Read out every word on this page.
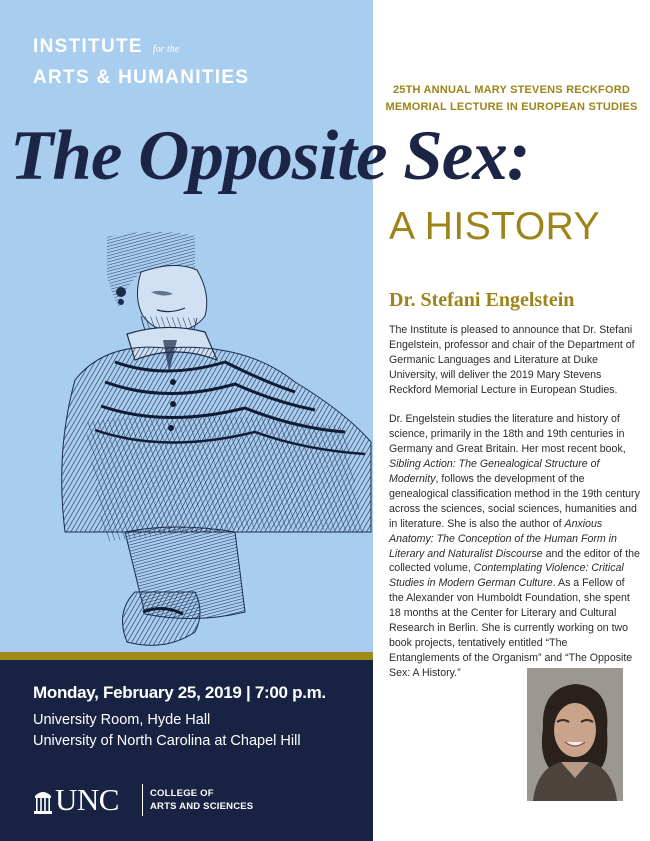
INSTITUTE for the
ARTS & HUMANITIES
25TH ANNUAL MARY STEVENS RECKFORD
MEMORIAL LECTURE IN EUROPEAN STUDIES
The Opposite Sex:
A HISTORY
Dr. Stefani Engelstein

The Institute is pleased to announce that Dr. Stefani Engelstein, professor and chair of the Department of Germanic Languages and Literature at Duke University, will deliver the 2019 Mary Stevens Reckford Memorial Lecture in European Studies.

Dr. Engelstein studies the literature and history of science, primarily in the 18th and 19th centuries in Germany and Great Britain. Her most recent book, Sibling Action: The Genealogical Structure of Modernity, follows the development of the genealogical classification method in the 19th century across the sciences, social sciences, humanities and in literature. She is also the author of Anxious Anatomy: The Conception of the Human Form in Literary and Naturalist Discourse and the editor of the collected volume, Contemplating Violence: Critical Studies in Modern German Culture. As a Fellow of the Alexander von Humboldt Foundation, she spent 18 months at the Center for Literary and Cultural Research in Berlin. She is currently working on two book projects, tentatively entitled “The Entanglements of the Organism” and “The Opposite Sex: A History.”

Monday, February 25, 2019 | 7:00 p.m.
University Room, Hyde Hall
University of North Carolina at Chapel Hill
UNC	COLLEGE OF
ARTS AND SCIENCES
